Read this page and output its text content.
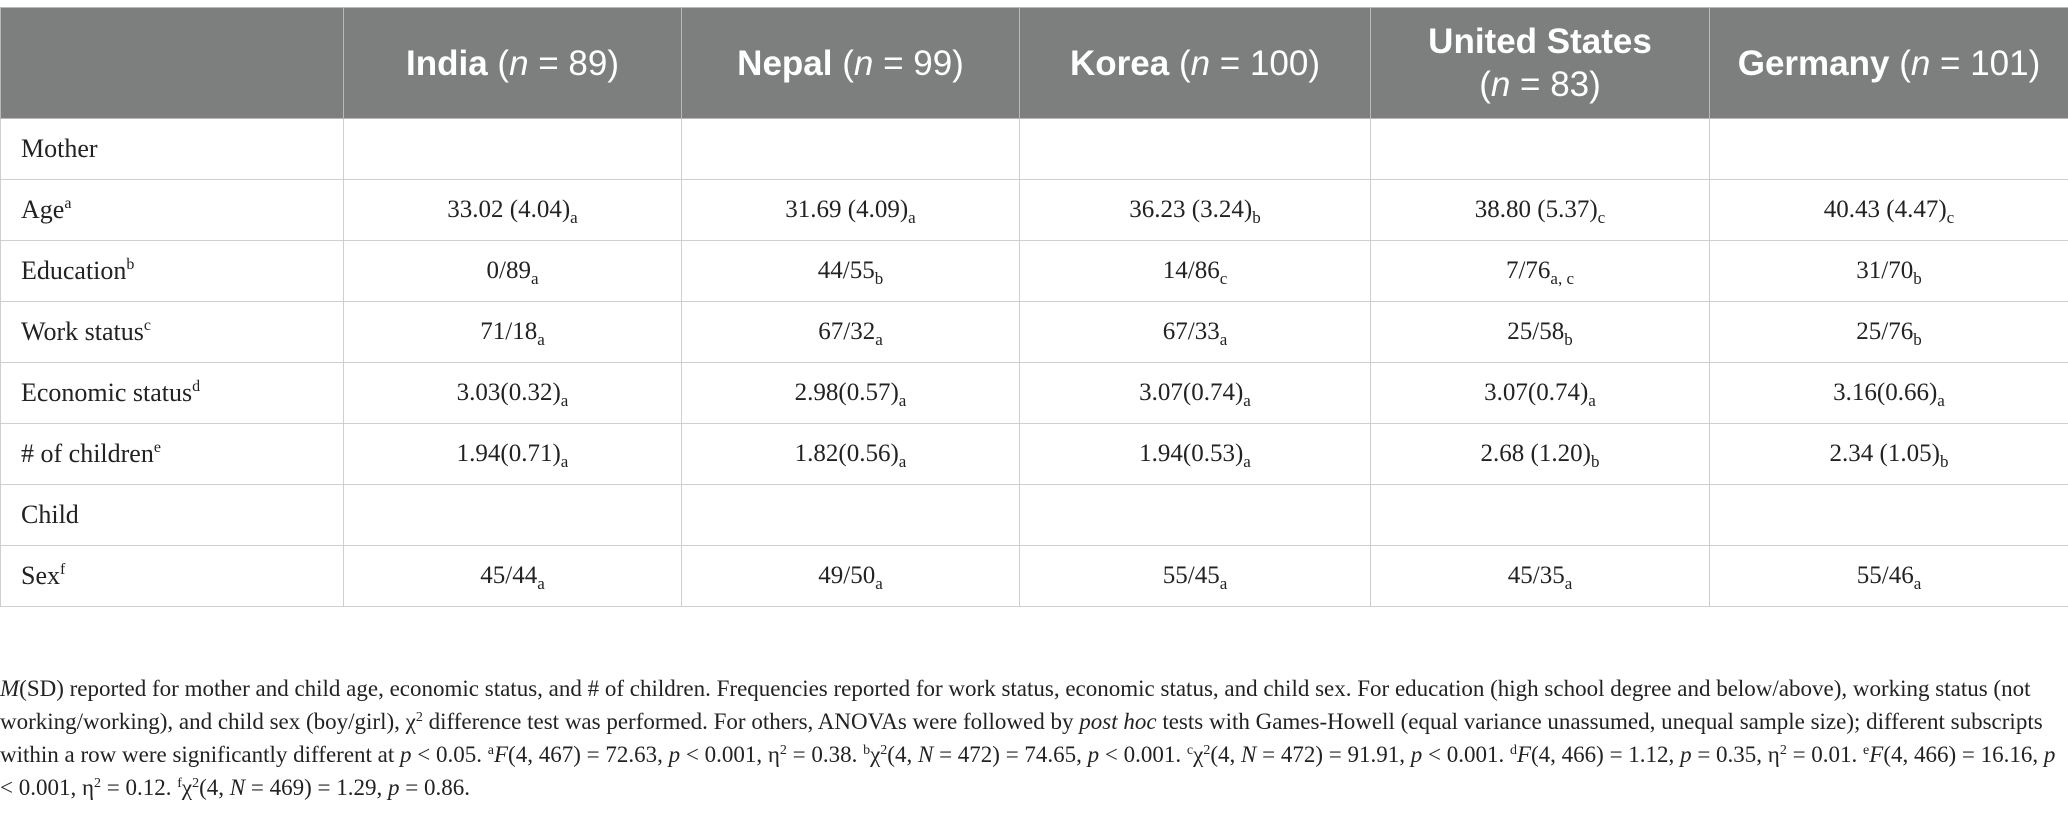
	India (n = 89)	Nepal (n = 99)	Korea (n = 100)	United States
(n = 83)	Germany (n = 101)
Mother					
Age$^a$	33.02 $(4.04)_a$	31.69 $(4.09)_a$	36.23 $(3.24)_b$	38.80 $(5.37)_c$	40.43 $(4.47)_c$
Education$^b$	$0/89_a$	$44/55_b$	$14/86_c$	$7/76_{a, c}$	$31/70_b$
Work status$^c$	$71/18_a$	$67/32_a$	$67/33_a$	$25/58_b$	$25/76_b$
Economic status$^d$	$3.03(0.32)_a$	$2.98(0.57)_a$	$3.07(0.74)_a$	$3.07(0.74)_a$	$3.16(0.66)_a$
# of children$^e$	$1.94(0.71)_a$	$1.82(0.56)_a$	$1.94(0.53)_a$	2.68 $(1.20)_b$	2.34 $(1.05)_b$
Child					
Sex$^f$	$45/44_a$	$49/50_a$	$55/45_a$	$45/35_a$	$55/46_a$

M(SD) reported for mother and child age, economic status, and # of children. Frequencies reported for work status, economic status, and child sex. For education (high school degree and below/above), working status (not working/working), and child sex (boy/girl), $\chi^2$ difference test was performed. For others, ANOVAs were followed by post hoc tests with Games-Howell (equal variance unassumed, unequal sample size); different subscripts within a row were significantly different at p < 0.05. $^a$F(4, 467) = 72.63, p < 0.001, $\eta^2 = 0.38$. $^b\chi^2(4$, N = 472) = 74.65, p < 0.001. $^c\chi^2(4$, N = 472) = 91.91, p < 0.001. $^d$F(4, 466) = 1.12, p = 0.35, $\eta^2 = 0.01$. $^e$F(4, 466) = 16.16, p < 0.001, $\eta^2 = 0.12$. $^f\chi^2(4$, N = 469) = 1.29, p = 0.86.
